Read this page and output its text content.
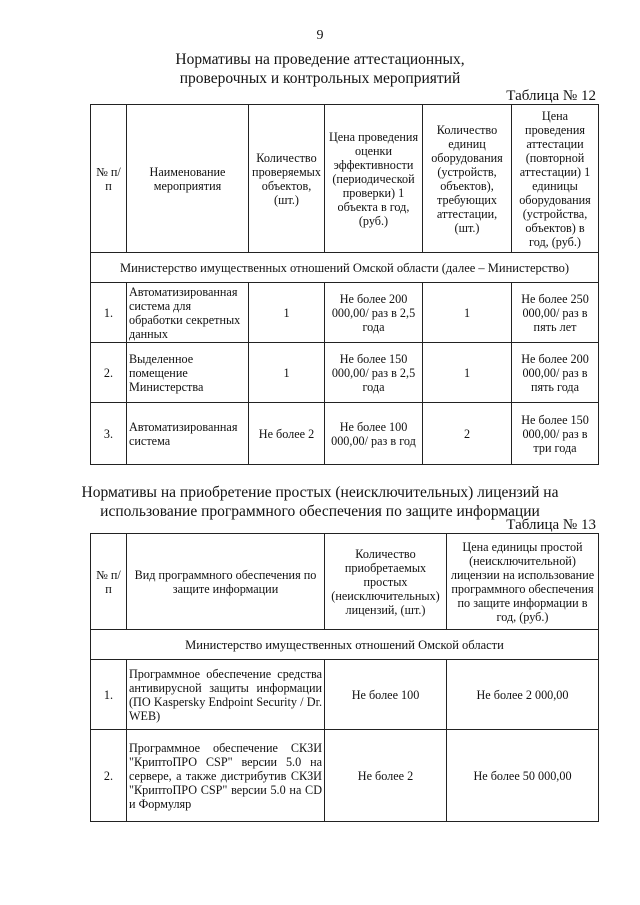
9
Нормативы на проведение аттестационных,
проверочных и контрольных мероприятий
Таблица № 12
№ п/п	Наименование мероприятия	Количество проверяемых объектов, (шт.)	Цена проведения оценки эффективности (периодической проверки) 1 объекта в год, (руб.)	Количество единиц оборудования (устройств, объектов), требующих аттестации, (шт.)	Цена проведения аттестации (повторной аттестации) 1 единицы оборудования (устройства, объектов) в год, (руб.)
Министерство имущественных отношений Омской области (далее – Министерство)					
1.	Автоматизированная система для обработки секретных данных	1	Не более 200 000,00/ раз в 2,5 года	1	Не более 250 000,00/ раз в пять лет
2.	Выделенное помещение Министерства	1	Не более 150 000,00/ раз в 2,5 года	1	Не более 200 000,00/ раз в пять года
3.	Автоматизированная система	Не более 2	Не более 100 000,00/ раз в год	2	Не более 150 000,00/ раз в три года
Нормативы на приобретение простых (неисключительных) лицензий на
использование программного обеспечения по защите информации
Таблица № 13
№ п/п	Вид программного обеспечения по защите информации	Количество приобретаемых простых (неисключительных) лицензий, (шт.)	Цена единицы простой (неисключительной) лицензии на использование программного обеспечения по защите информации в год, (руб.)
Министерство имущественных отношений Омской области			
1.	Программное обеспечение средства антивирусной защиты информации (ПО Kaspersky Endpoint Security / Dr. WEB)	Не более 100	Не более 2 000,00
2.	Программное обеспечение СКЗИ "КриптоПРО CSP" версии 5.0 на сервере, а также дистрибутив СКЗИ "КриптоПРО CSP" версии 5.0 на CD и Формуляр	Не более 2	Не более 50 000,00
